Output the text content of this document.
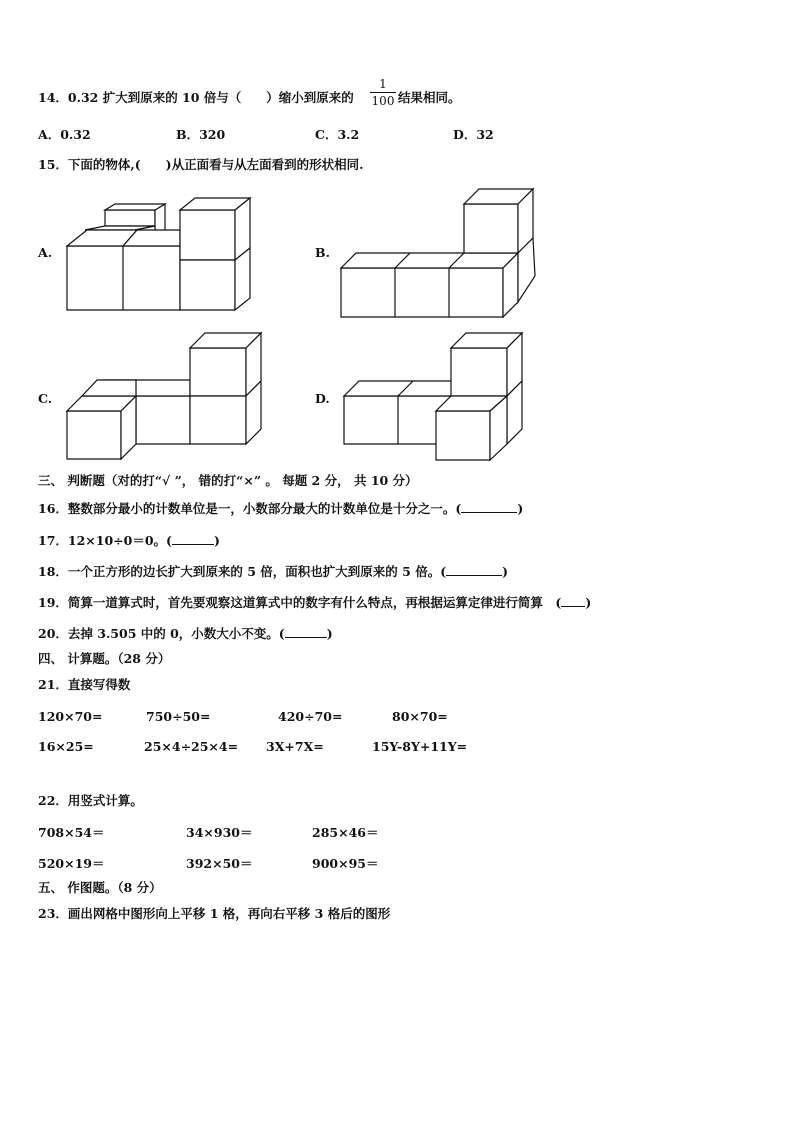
14．0.32 扩大到原来的 10 倍与（　　）缩小到原来的
1
100 结果相同。
A．0.32	B．320	C．3.2	D．32
15．下面的物体,(　　)从正面看与从左面看到的形状相同.
A.	B.
C.	D.
三、 判断题（对的打“√ ”， 错的打“×” 。 每题 2 分， 共 10 分）
16．整数部分最小的计数单位是一，小数部分最大的计数单位是十分之一。(	)
17．12×10÷0＝0。(	)
18．一个正方形的边长扩大到原来的 5 倍，面积也扩大到原来的 5 倍。(	)
19．简算一道算式时，首先要观察这道算式中的数字有什么特点，再根据运算定律进行简算　( )
20．去掉 3.505 中的 0，小数大小不变。(	)
四、 计算题。（28 分）
21．直接写得数
120×70=	750÷50=	420÷70=	80×70=
16×25=	25×4÷25×4= 3X+7X=	15Y-8Y+11Y=
22．用竖式计算。
708×54＝	34×930＝	285×46＝
520×19＝	392×50＝	900×95＝
五、 作图题。（8 分）
23．画出网格中图形向上平移 1 格，再向右平移 3 格后的图形
